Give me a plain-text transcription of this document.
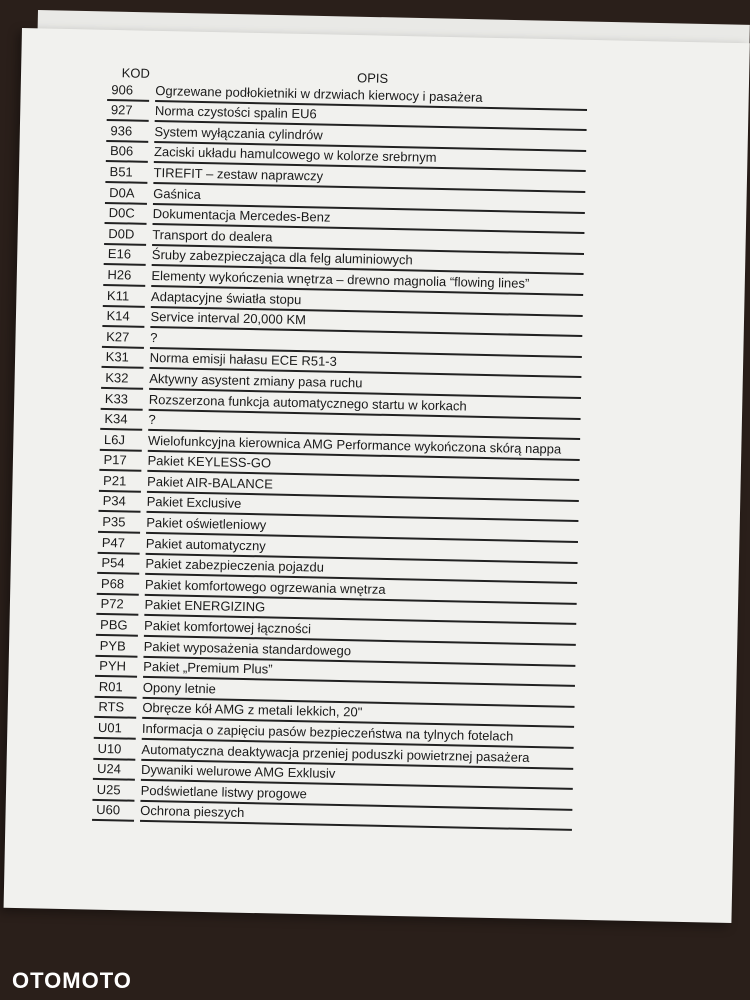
KOD	OPIS
906	Ogrzewane podłokietniki w drzwiach kierwocy i pasażera
927	Norma czystości spalin EU6
936	System wyłączania cylindrów
B06	Zaciski układu hamulcowego w kolorze srebrnym
B51	TIREFIT – zestaw naprawczy
D0A	Gaśnica
D0C	Dokumentacja Mercedes-Benz
D0D	Transport do dealera
E16	Śruby zabezpieczająca dla felg aluminiowych
H26	Elementy wykończenia wnętrza – drewno magnolia “flowing lines”
K11	Adaptacyjne światła stopu
K14	Service interval 20,000 KM
K27	?
K31	Norma emisji hałasu ECE R51-3
K32	Aktywny asystent zmiany pasa ruchu
K33	Rozszerzona funkcja automatycznego startu w korkach
K34	?
L6J	Wielofunkcyjna kierownica AMG Performance wykończona skórą nappa
P17	Pakiet KEYLESS-GO
P21	Pakiet AIR-BALANCE
P34	Pakiet Exclusive
P35	Pakiet oświetleniowy
P47	Pakiet automatyczny
P54	Pakiet zabezpieczenia pojazdu
P68	Pakiet komfortowego ogrzewania wnętrza
P72	Pakiet ENERGIZING
PBG	Pakiet komfortowej łączności
PYB	Pakiet wyposażenia standardowego
PYH	Pakiet „Premium Plus”
R01	Opony letnie
RTS	Obręcze kół AMG z metali lekkich, 20"
U01	Informacja o zapięciu pasów bezpieczeństwa na tylnych fotelach
U10	Automatyczna deaktywacja przeniej poduszki powietrznej pasażera
U24	Dywaniki welurowe AMG Exklusiv
U25	Podświetlane listwy progowe
U60	Ochrona pieszych
OTOMOTO
